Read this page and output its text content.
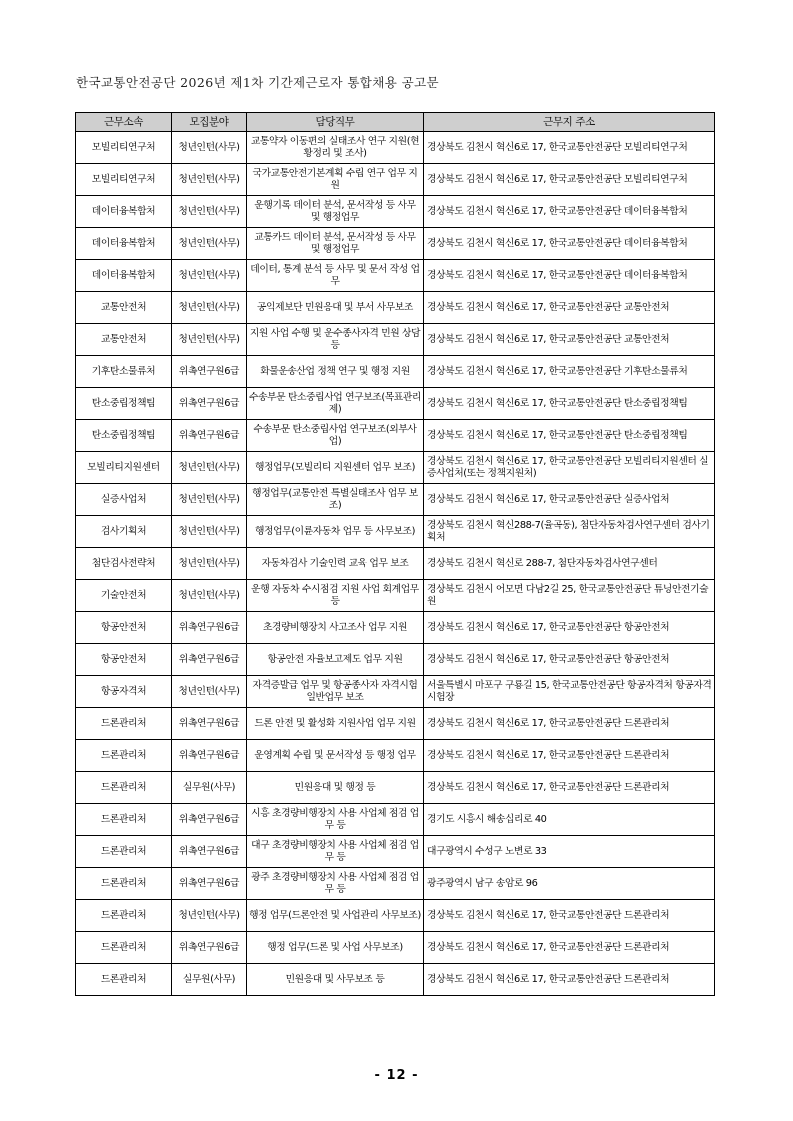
한국교통안전공단 2026년 제1차 기간제근로자 통합채용 공고문
근무소속	모집분야	담당직무	근무지 주소
모빌리티연구처	청년인턴(사무)	교통약자 이동편의 실태조사 연구 지원(현황정리 및 조사)	경상북도 김천시 혁신6로 17, 한국교통안전공단 모빌리티연구처
모빌리티연구처	청년인턴(사무)	국가교통안전기본계획 수립 연구 업무 지원	경상북도 김천시 혁신6로 17, 한국교통안전공단 모빌리티연구처
데이터융복합처	청년인턴(사무)	운행기록 데이터 분석, 문서작성 등 사무 및 행정업무	경상북도 김천시 혁신6로 17, 한국교통안전공단 데이터융복합처
데이터융복합처	청년인턴(사무)	교통카드 데이터 분석, 문서작성 등 사무 및 행정업무	경상북도 김천시 혁신6로 17, 한국교통안전공단 데이터융복합처
데이터융복합처	청년인턴(사무)	데이터, 통계 분석 등 사무 및 문서 작성 업무	경상북도 김천시 혁신6로 17, 한국교통안전공단 데이터융복합처
교통안전처	청년인턴(사무)	공익제보단 민원응대 및 부서 사무보조	경상북도 김천시 혁신6로 17, 한국교통안전공단 교통안전처
교통안전처	청년인턴(사무)	지원 사업 수행 및 운수종사자격 민원 상담 등	경상북도 김천시 혁신6로 17, 한국교통안전공단 교통안전처
기후탄소물류처	위촉연구원6급	화물운송산업 정책 연구 및 행정 지원	경상북도 김천시 혁신6로 17, 한국교통안전공단 기후탄소물류처
탄소중립정책팀	위촉연구원6급	수송부문 탄소중립사업 연구보조(목표관리제)	경상북도 김천시 혁신6로 17, 한국교통안전공단 탄소중립정책팀
탄소중립정책팀	위촉연구원6급	수송부문 탄소중립사업 연구보조(외부사업)	경상북도 김천시 혁신6로 17, 한국교통안전공단 탄소중립정책팀
모빌리티지원센터	청년인턴(사무)	행정업무(모빌리티 지원센터 업무 보조)	경상북도 김천시 혁신6로 17, 한국교통안전공단 모빌리티지원센터 실증사업처(또는 정책지원처)
실증사업처	청년인턴(사무)	행정업무(교통안전 특별실태조사 업무 보조)	경상북도 김천시 혁신6로 17, 한국교통안전공단 실증사업처
검사기획처	청년인턴(사무)	행정업무(이륜자동차 업무 등 사무보조)	경상북도 김천시 혁신288-7(율곡동), 첨단자동차검사연구센터 검사기획처
첨단검사전략처	청년인턴(사무)	자동차검사 기술인력 교육 업무 보조	경상북도 김천시 혁신로 288-7, 첨단자동차검사연구센터
기술안전처	청년인턴(사무)	운행 자동차 수시점검 지원 사업 회계업무 등	경상북도 김천시 어모면 다남2길 25, 한국교통안전공단 튜닝안전기술원
항공안전처	위촉연구원6급	초경량비행장치 사고조사 업무 지원	경상북도 김천시 혁신6로 17, 한국교통안전공단 항공안전처
항공안전처	위촉연구원6급	항공안전 자율보고제도 업무 지원	경상북도 김천시 혁신6로 17, 한국교통안전공단 항공안전처
항공자격처	청년인턴(사무)	자격증발급 업무 및 항공종사자 자격시험 일반업무 보조	서울특별시 마포구 구룡길 15, 한국교통안전공단 항공자격처 항공자격시험장
드론관리처	위촉연구원6급	드론 안전 및 활성화 지원사업 업무 지원	경상북도 김천시 혁신6로 17, 한국교통안전공단 드론관리처
드론관리처	위촉연구원6급	운영계획 수립 및 문서작성 등 행정 업무	경상북도 김천시 혁신6로 17, 한국교통안전공단 드론관리처
드론관리처	실무원(사무)	민원응대 및 행정 등	경상북도 김천시 혁신6로 17, 한국교통안전공단 드론관리처
드론관리처	위촉연구원6급	시흥 초경량비행장치 사용 사업체 점검 업무 등	경기도 시흥시 해송십리로 40
드론관리처	위촉연구원6급	대구 초경량비행장치 사용 사업체 점검 업무 등	대구광역시 수성구 노변로 33
드론관리처	위촉연구원6급	광주 초경량비행장치 사용 사업체 점검 업무 등	광주광역시 남구 송암로 96
드론관리처	청년인턴(사무)	행정 업무(드론안전 및 사업관리 사무보조)	경상북도 김천시 혁신6로 17, 한국교통안전공단 드론관리처
드론관리처	위촉연구원6급	행정 업무(드론 및 사업 사무보조)	경상북도 김천시 혁신6로 17, 한국교통안전공단 드론관리처
드론관리처	실무원(사무)	민원응대 및 사무보조 등	경상북도 김천시 혁신6로 17, 한국교통안전공단 드론관리처
- 12 -
